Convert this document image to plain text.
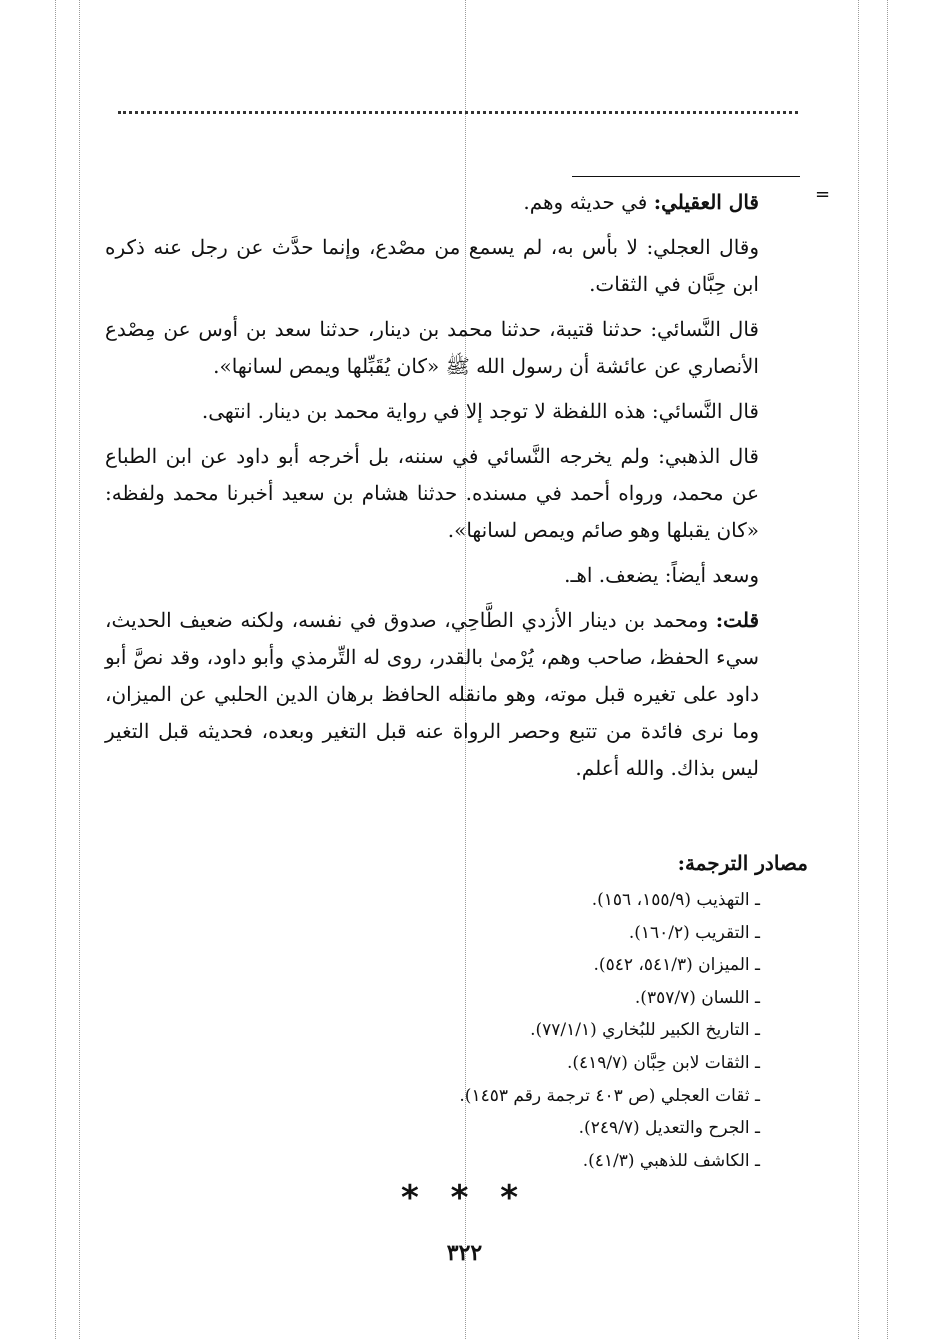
=

قال العقيلي: في حديثه وهم.

وقال العجلي: لا بأس به، لم يسمع من مصْدع، وإنما حدَّث عن رجل عنه ذكره ابن حِبَّان في الثقات.

قال النَّسائي: حدثنا قتيبة، حدثنا محمد بن دينار، حدثنا سعد بن أوس عن مِصْدع الأنصاري عن عائشة أن رسول الله ﷺ «كان يُقَبِّلها ويمص لسانها».

قال النَّسائي: هذه اللفظة لا توجد إلا في رواية محمد بن دينار. انتهى.

قال الذهبي: ولم يخرجه النَّسائي في سننه، بل أخرجه أبو داود عن ابن الطباع عن محمد، ورواه أحمد في مسنده. حدثنا هشام بن سعيد أخبرنا محمد ولفظه: «كان يقبلها وهو صائم ويمص لسانها».

وسعد أيضاً: يضعف. اهـ.

قلت: ومحمد بن دينار الأزدي الطَّاحِي، صدوق في نفسه، ولكنه ضعيف الحديث، سيء الحفظ، صاحب وهم، يُرْمىٰ بالقدر، روى له التِّرمذي وأبو داود، وقد نصَّ أبو داود على تغيره قبل موته، وهو مانقله الحافظ برهان الدين الحلبي عن الميزان، وما نرى فائدة من تتبع وحصر الرواة عنه قبل التغير وبعده، فحديثه قبل التغير ليس بذاك. والله أعلم.

مصادر الترجمة:
ـ التهذيب (١٥٥/٩، ١٥٦).
ـ التقريب (١٦٠/٢).
ـ الميزان (٥٤١/٣، ٥٤٢).
ـ اللسان (٣٥٧/٧).
ـ التاريخ الكبير للبُخاري (٧٧/١/١).
ـ الثقات لابن حِبَّان (٤١٩/٧).
ـ ثقات العجلي (ص ٤٠٣ ترجمة رقم ١٤٥٣).
ـ الجرح والتعديل (٢٤٩/٧).
ـ الكاشف للذهبي (٤١/٣).
* * *
٣٢٢
